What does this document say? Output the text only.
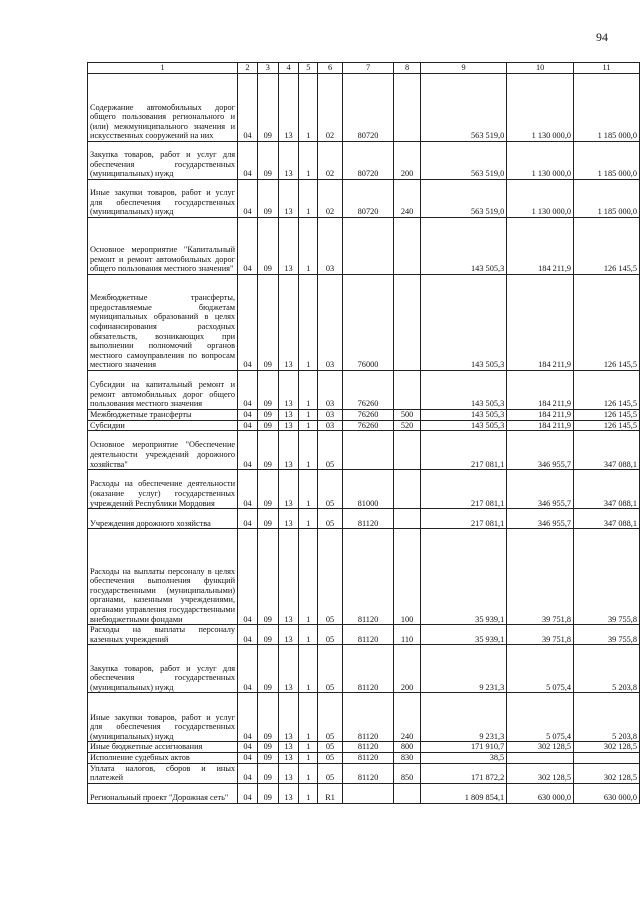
94
1	2	3	4	5	6	7	8	9	10	11
Содержание автомобильных дорог общего пользования регионального и (или) межмуниципального значения и искусственных сооружений на них	04	09	13	1	02	80720		563 519,0	1 130 000,0	1 185 000,0
Закупка товаров, работ и услуг для обеспечения государственных (муниципальных) нужд	04	09	13	1	02	80720	200	563 519,0	1 130 000,0	1 185 000,0
Иные закупки товаров, работ и услуг для обеспечения государственных (муниципальных) нужд	04	09	13	1	02	80720	240	563 519,0	1 130 000,0	1 185 000,0
Основное мероприятие "Капитальный ремонт и ремонт автомобильных дорог общего пользования местного значения"	04	09	13	1	03			143 505,3	184 211,9	126 145,5
Межбюджетные трансферты, предоставляемые бюджетам муниципальных образований в целях софинансирования расходных обязательств, возникающих при выполнении полномочий органов местного самоуправления по вопросам местного значения	04	09	13	1	03	76000		143 505,3	184 211,9	126 145,5
Субсидии на капитальный ремонт и ремонт автомобильных дорог общего пользования местного значения	04	09	13	1	03	76260		143 505,3	184 211,9	126 145,5
Межбюджетные трансферты	04	09	13	1	03	76260	500	143 505,3	184 211,9	126 145,5
Субсидии	04	09	13	1	03	76260	520	143 505,3	184 211,9	126 145,5
Основное мероприятие "Обеспечение деятельности учреждений дорожного хозяйства"	04	09	13	1	05			217 081,1	346 955,7	347 088,1
Расходы на обеспечение деятельности (оказание услуг) государственных учреждений Республики Мордовия	04	09	13	1	05	81000		217 081,1	346 955,7	347 088,1
Учреждения дорожного хозяйства	04	09	13	1	05	81120		217 081,1	346 955,7	347 088,1
Расходы на выплаты персоналу в целях обеспечения выполнения функций государственными (муниципальными) органами, казенными учреждениями, органами управления государственными внебюджетными фондами	04	09	13	1	05	81120	100	35 939,1	39 751,8	39 755,8
Расходы на выплаты персоналу казенных учреждений	04	09	13	1	05	81120	110	35 939,1	39 751,8	39 755,8
Закупка товаров, работ и услуг для обеспечения государственных (муниципальных) нужд	04	09	13	1	05	81120	200	9 231,3	5 075,4	5 203,8
Иные закупки товаров, работ и услуг для обеспечения государственных (муниципальных) нужд	04	09	13	1	05	81120	240	9 231,3	5 075,4	5 203,8
Иные бюджетные ассигнования	04	09	13	1	05	81120	800	171 910,7	302 128,5	302 128,5
Исполнение судебных актов	04	09	13	1	05	81120	830	38,5		
Уплата налогов, сборов и иных платежей	04	09	13	1	05	81120	850	171 872,2	302 128,5	302 128,5
Региональный проект "Дорожная сеть"	04	09	13	1	R1			1 809 854,1	630 000,0	630 000,0
